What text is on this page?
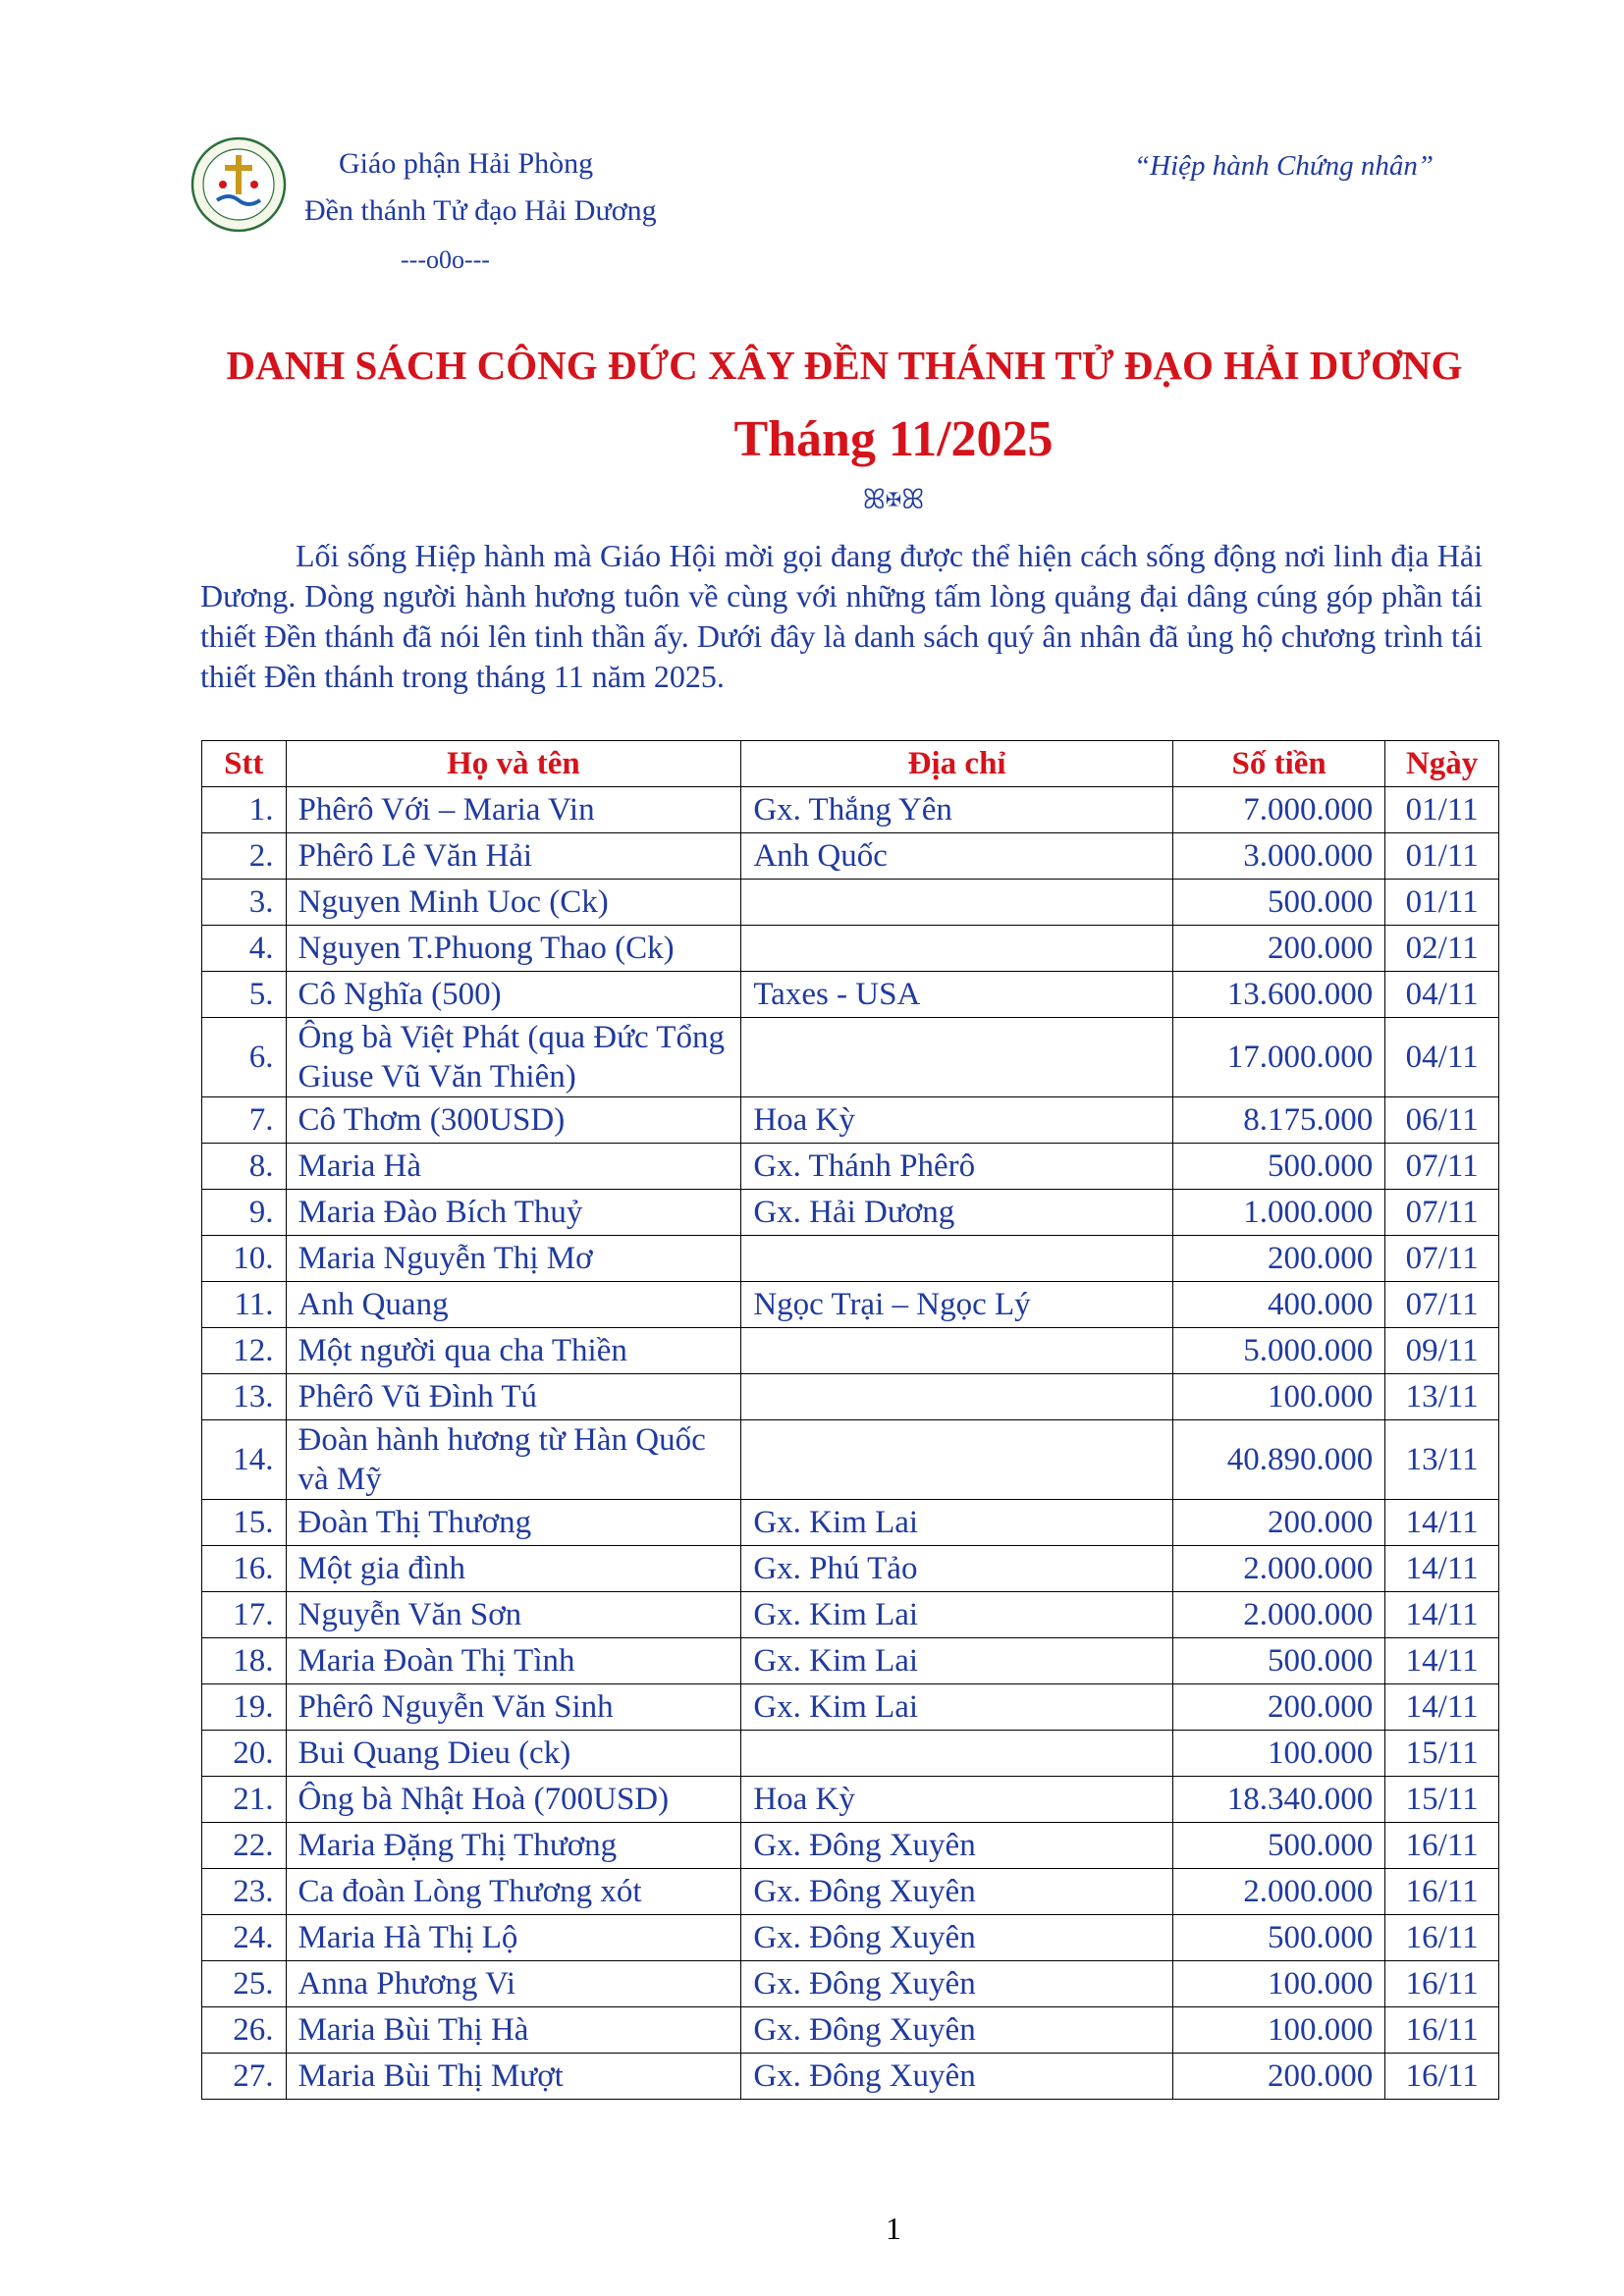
Giáo phận Hải Phòng
Đền thánh Tử đạo Hải Dương
---o0o---
“Hiệp hành Chứng nhân”
DANH SÁCH CÔNG ĐỨC XÂY ĐỀN THÁNH TỬ ĐẠO HẢI DƯƠNG
Tháng 11/2025
ꕤ✠ꕤ
Lối sống Hiệp hành mà Giáo Hội mời gọi đang được thể hiện cách sống động nơi linh địa Hải Dương. Dòng người hành hương tuôn về cùng với những tấm lòng quảng đại dâng cúng góp phần tái thiết Đền thánh đã nói lên tinh thần ấy. Dưới đây là danh sách quý ân nhân đã ủng hộ chương trình tái thiết Đền thánh trong tháng 11 năm 2025.
Stt	Họ và tên	Địa chỉ	Số tiền	Ngày
1.	Phêrô Với – Maria Vin	Gx. Thắng Yên	7.000.000	01/11
2.	Phêrô Lê Văn Hải	Anh Quốc	3.000.000	01/11
3.	Nguyen Minh Uoc (Ck)		500.000	01/11
4.	Nguyen T.Phuong Thao (Ck)		200.000	02/11
5.	Cô Nghĩa (500)	Taxes - USA	13.600.000	04/11
6.	Ông bà Việt Phát (qua Đức Tổng Giuse Vũ Văn Thiên)		17.000.000	04/11
7.	Cô Thơm (300USD)	Hoa Kỳ	8.175.000	06/11
8.	Maria Hà	Gx. Thánh Phêrô	500.000	07/11
9.	Maria Đào Bích Thuỷ	Gx. Hải Dương	1.000.000	07/11
10.	Maria Nguyễn Thị Mơ		200.000	07/11
11.	Anh Quang	Ngọc Trại – Ngọc Lý	400.000	07/11
12.	Một người qua cha Thiền		5.000.000	09/11
13.	Phêrô Vũ Đình Tú		100.000	13/11
14.	Đoàn hành hương từ Hàn Quốc và Mỹ		40.890.000	13/11
15.	Đoàn Thị Thương	Gx. Kim Lai	200.000	14/11
16.	Một gia đình	Gx. Phú Tảo	2.000.000	14/11
17.	Nguyễn Văn Sơn	Gx. Kim Lai	2.000.000	14/11
18.	Maria Đoàn Thị Tình	Gx. Kim Lai	500.000	14/11
19.	Phêrô Nguyễn Văn Sinh	Gx. Kim Lai	200.000	14/11
20.	Bui Quang Dieu (ck)		100.000	15/11
21.	Ông bà Nhật Hoà (700USD)	Hoa Kỳ	18.340.000	15/11
22.	Maria Đặng Thị Thương	Gx. Đông Xuyên	500.000	16/11
23.	Ca đoàn Lòng Thương xót	Gx. Đông Xuyên	2.000.000	16/11
24.	Maria Hà Thị Lộ	Gx. Đông Xuyên	500.000	16/11
25.	Anna Phương Vi	Gx. Đông Xuyên	100.000	16/11
26.	Maria Bùi Thị Hà	Gx. Đông Xuyên	100.000	16/11
27.	Maria Bùi Thị Mượt	Gx. Đông Xuyên	200.000	16/11
1
